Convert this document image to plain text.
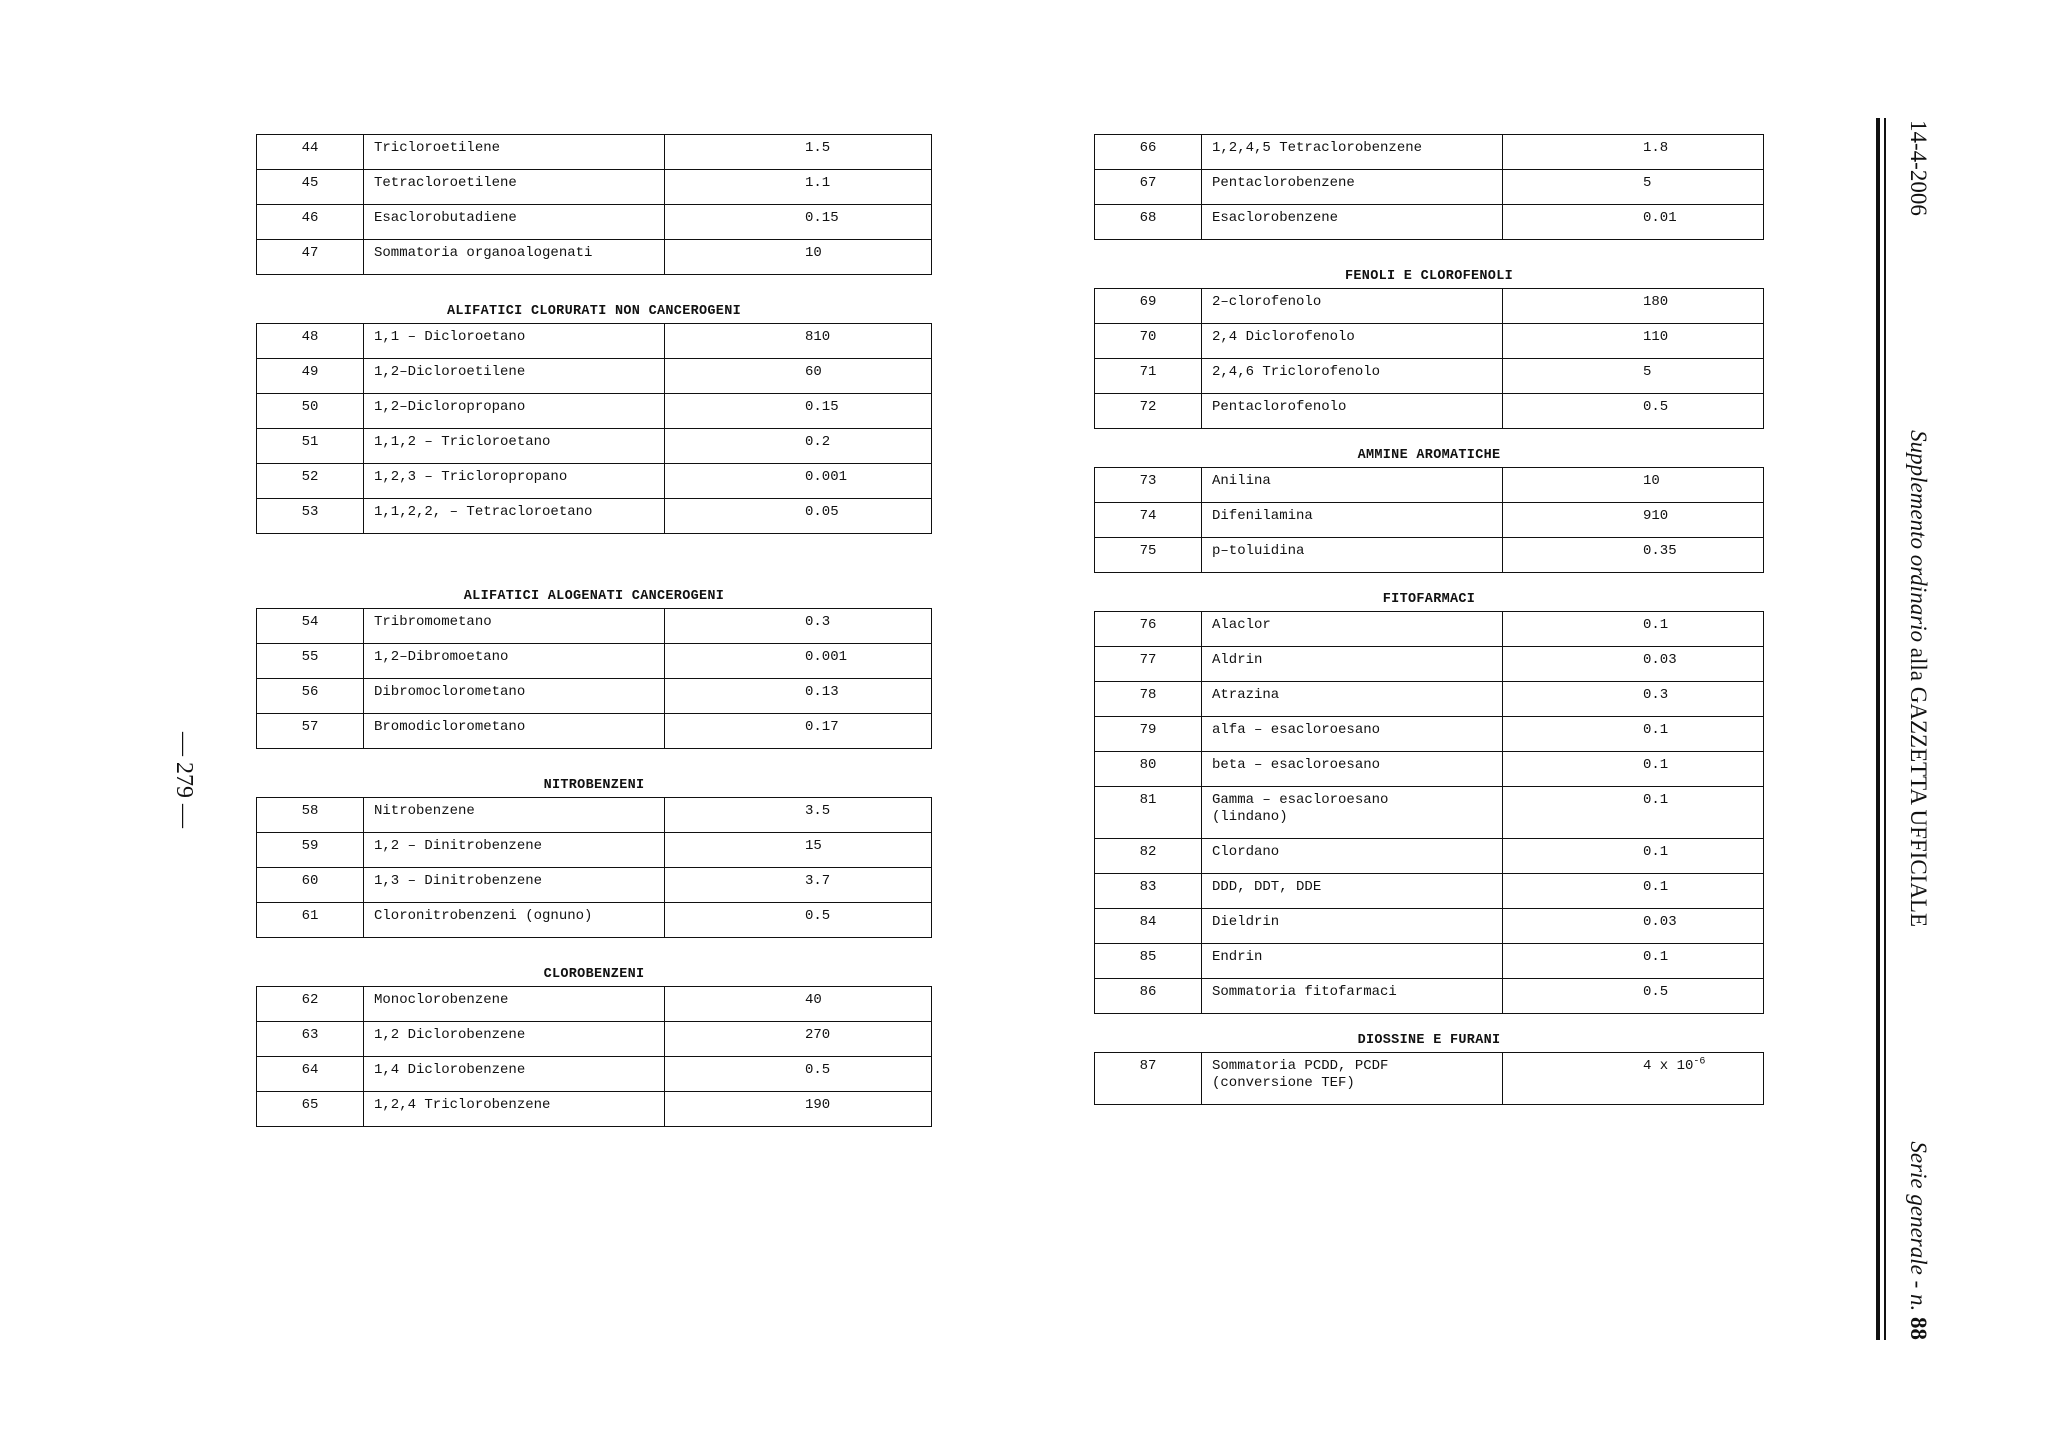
14-4-2006
Supplemento ordinario alla GAZZETTA UFFICIALE
Serie generale - n. 88
— 279 —
44	Tricloroetilene	1.5
45	Tetracloroetilene	1.1
46	Esaclorobutadiene	0.15
47	Sommatoria organoalogenati	10
ALIFATICI CLORURATI NON CANCEROGENI
48	1,1 – Dicloroetano	810
49	1,2–Dicloroetilene	60
50	1,2–Dicloropropano	0.15
51	1,1,2 – Tricloroetano	0.2
52	1,2,3 – Tricloropropano	0.001
53	1,1,2,2, – Tetracloroetano	0.05
ALIFATICI ALOGENATI CANCEROGENI
54	Tribromometano	0.3
55	1,2–Dibromoetano	0.001
56	Dibromoclorometano	0.13
57	Bromodiclorometano	0.17
NITROBENZENI
58	Nitrobenzene	3.5
59	1,2 – Dinitrobenzene	15
60	1,3 – Dinitrobenzene	3.7
61	Cloronitrobenzeni (ognuno)	0.5
CLOROBENZENI
62	Monoclorobenzene	40
63	1,2 Diclorobenzene	270
64	1,4 Diclorobenzene	0.5
65	1,2,4 Triclorobenzene	190
66	1,2,4,5 Tetraclorobenzene	1.8
67	Pentaclorobenzene	5
68	Esaclorobenzene	0.01
FENOLI E CLOROFENOLI
69	2–clorofenolo	180
70	2,4 Diclorofenolo	110
71	2,4,6 Triclorofenolo	5
72	Pentaclorofenolo	0.5
AMMINE AROMATICHE
73	Anilina	10
74	Difenilamina	910
75	p–toluidina	0.35
FITOFARMACI
76	Alaclor	0.1
77	Aldrin	0.03
78	Atrazina	0.3
79	alfa – esacloroesano	0.1
80	beta – esacloroesano	0.1
81	Gamma – esacloroesano
(lindano)	0.1
82	Clordano	0.1
83	DDD, DDT, DDE	0.1
84	Dieldrin	0.03
85	Endrin	0.1
86	Sommatoria fitofarmaci	0.5
DIOSSINE E FURANI
87	Sommatoria PCDD, PCDF
(conversione TEF)
	4 x $10^{-6}$
